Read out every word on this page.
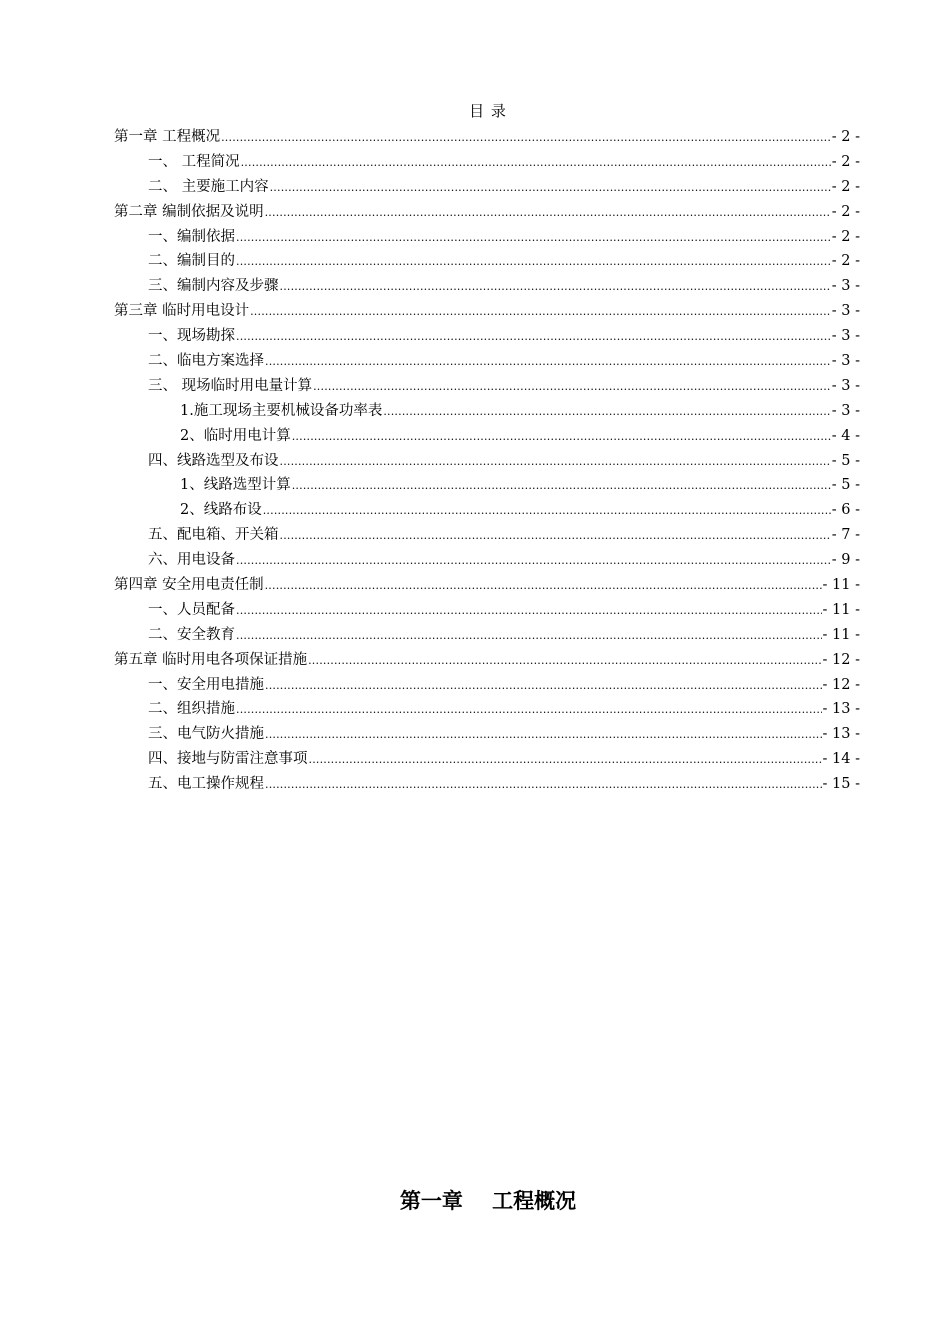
目 录
第一章 工程概况 .....	- 2 -
一、 工程简况 .....	- 2 -
二、 主要施工内容 .....	- 2 -
第二章 编制依据及说明 .....	- 2 -
一、编制依据 .....	- 2 -
二、编制目的 .....	- 2 -
三、编制内容及步骤 .....	- 3 -
第三章 临时用电设计 .....	- 3 -
一、现场勘探 .....	- 3 -
二、临电方案选择 .....	- 3 -
三、 现场临时用电量计算 .....	- 3 -
1.施工现场主要机械设备功率表 .....	- 3 -
2、临时用电计算 .....	- 4 -
四、线路选型及布设 .....	- 5 -
1、线路选型计算 .....	- 5 -
2、线路布设 .....	- 6 -
五、配电箱、开关箱 .....	- 7 -
六、用电设备 .....	- 9 -
第四章 安全用电责任制 .....	- 11 -
一、人员配备 .....	- 11 -
二、安全教育 .....	- 11 -
第五章 临时用电各项保证措施 .....	- 12 -
一、安全用电措施 .....	- 12 -
二、组织措施 .....	- 13 -
三、电气防火措施 .....	- 13 -
四、接地与防雷注意事项 .....	- 14 -
五、电工操作规程 .....	- 15 -
第一章    工程概况
